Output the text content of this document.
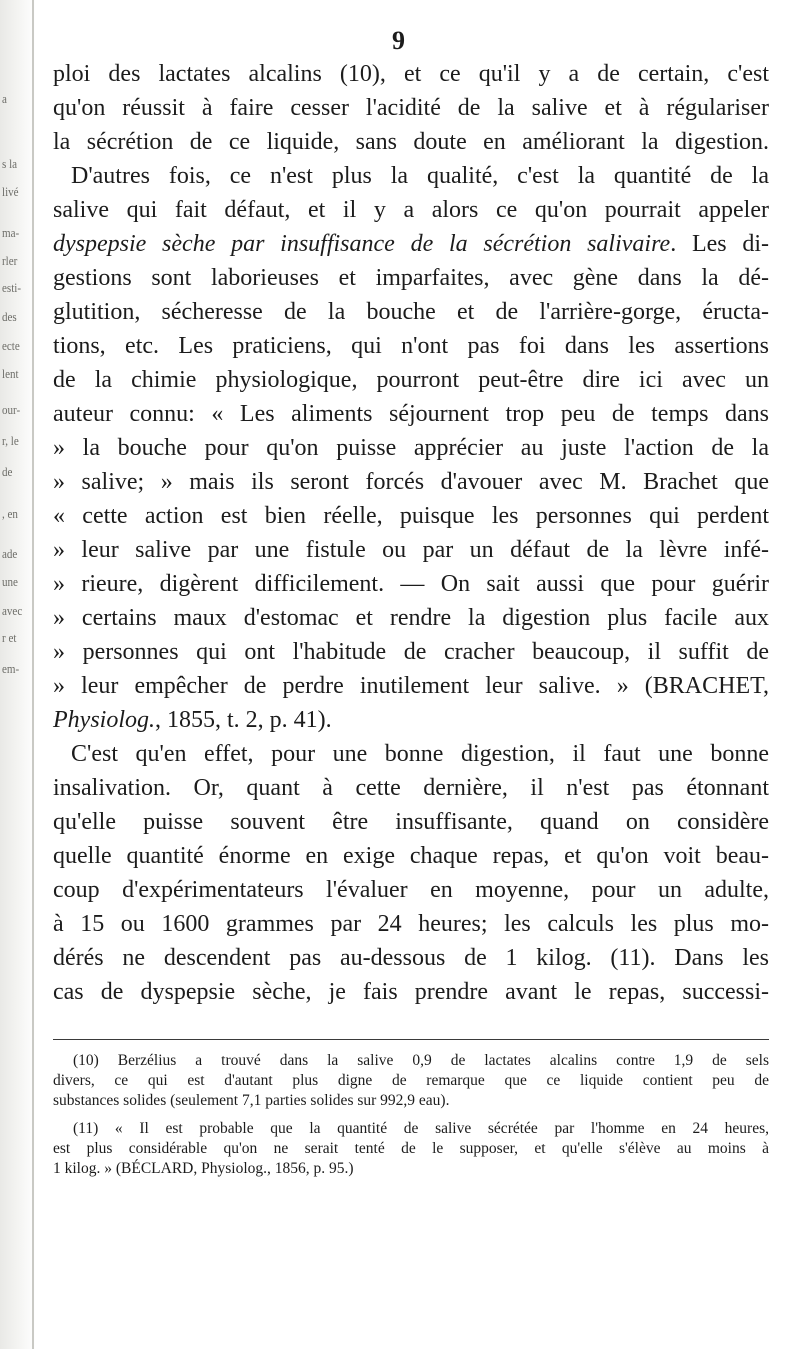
a
s la
livé
ma-
rler
esti-
des
ecte
lent
our-
r, le
de
, en
ade
une
avec
r et
em-
9
ploi des lactates alcalins (10), et ce qu'il y a de certain, c'est
qu'on réussit à faire cesser l'acidité de la salive et à régulariser
la sécrétion de ce liquide, sans doute en améliorant la digestion.
D'autres fois, ce n'est plus la qualité, c'est la quantité de la
salive qui fait défaut, et il y a alors ce qu'on pourrait appeler
dyspepsie sèche par insuffisance de la sécrétion salivaire. Les di-
gestions sont laborieuses et imparfaites, avec gène dans la dé-
glutition, sécheresse de la bouche et de l'arrière-gorge, éructa-
tions, etc. Les praticiens, qui n'ont pas foi dans les assertions
de la chimie physiologique, pourront peut-être dire ici avec un
auteur connu: « Les aliments séjournent trop peu de temps dans
» la bouche pour qu'on puisse apprécier au juste l'action de la
» salive; » mais ils seront forcés d'avouer avec M. Brachet que
« cette action est bien réelle, puisque les personnes qui perdent
» leur salive par une fistule ou par un défaut de la lèvre infé-
» rieure, digèrent difficilement. — On sait aussi que pour guérir
» certains maux d'estomac et rendre la digestion plus facile aux
» personnes qui ont l'habitude de cracher beaucoup, il suffit de
» leur empêcher de perdre inutilement leur salive. » (BRACHET,
Physiolog., 1855, t. 2, p. 41).
C'est qu'en effet, pour une bonne digestion, il faut une bonne
insalivation. Or, quant à cette dernière, il n'est pas étonnant
qu'elle puisse souvent être insuffisante, quand on considère
quelle quantité énorme en exige chaque repas, et qu'on voit beau-
coup d'expérimentateurs l'évaluer en moyenne, pour un adulte,
à 15 ou 1600 grammes par 24 heures; les calculs les plus mo-
dérés ne descendent pas au-dessous de 1 kilog. (11). Dans les
cas de dyspepsie sèche, je fais prendre avant le repas, successi-
(10) Berzélius a trouvé dans la salive 0,9 de lactates alcalins contre 1,9 de sels
divers, ce qui est d'autant plus digne de remarque que ce liquide contient peu de
substances solides (seulement 7,1 parties solides sur 992,9 eau).
(11) « Il est probable que la quantité de salive sécrétée par l'homme en 24 heures,
est plus considérable qu'on ne serait tenté de le supposer, et qu'elle s'élève au moins à
1 kilog. » (BÉCLARD, Physiolog., 1856, p. 95.)
